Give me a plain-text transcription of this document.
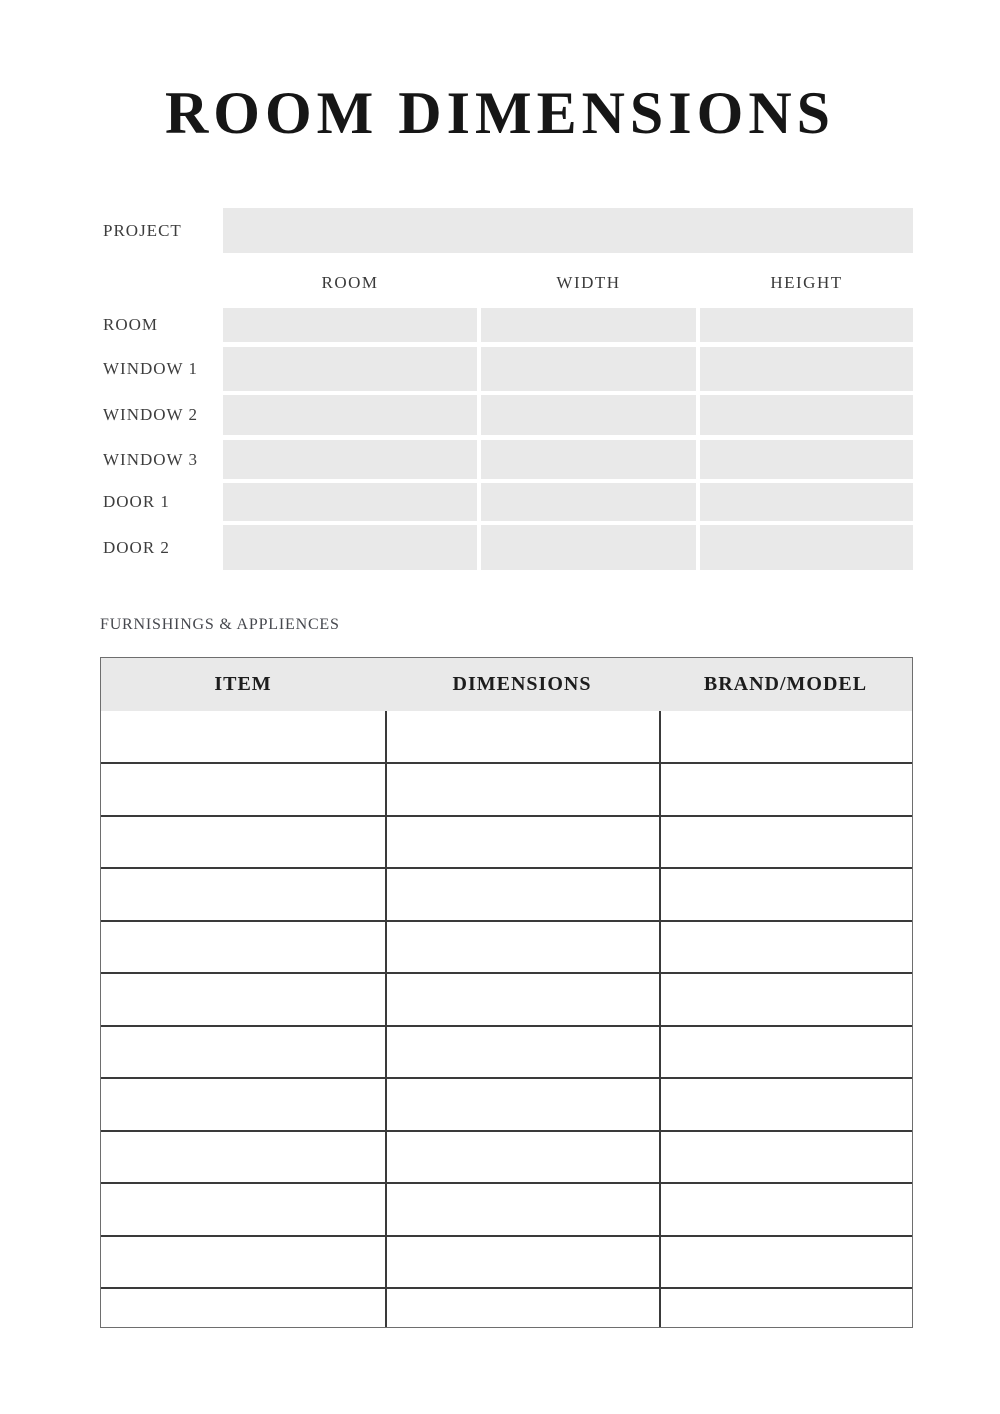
ROOM DIMENSIONS
PROJECT
ROOM	WIDTH	HEIGHT
ROOM
WINDOW 1
WINDOW 2
WINDOW 3
DOOR 1
DOOR 2
FURNISHINGS & APPLIENCES
ITEM	DIMENSIONS	BRAND/MODEL
